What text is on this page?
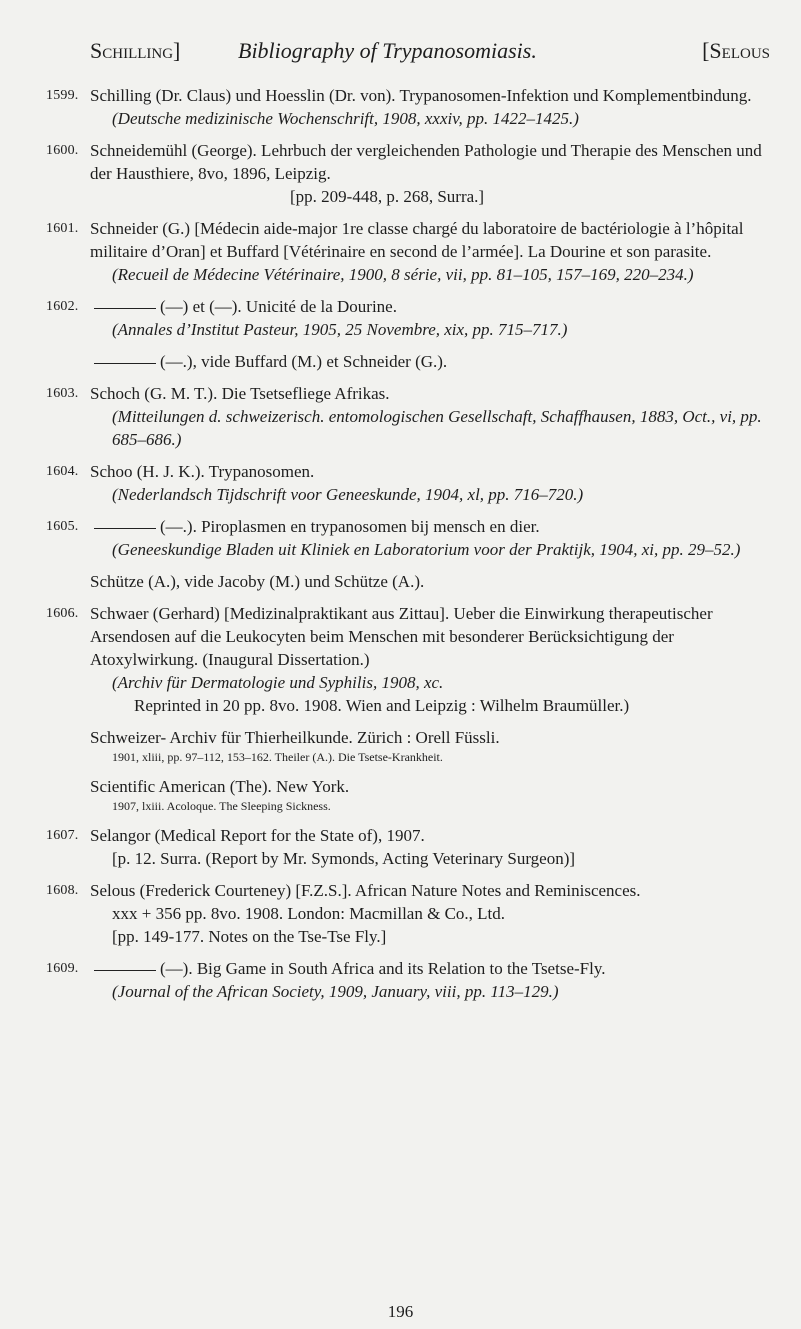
Schilling]	Bibliography of Trypanosomiasis.	[Selous
1599. Schilling (Dr. Claus) und Hoesslin (Dr. von). Trypanosomen-Infektion und Komplementbindung.

(Deutsche medizinische Wochenschrift, 1908, xxxiv, pp. 1422–1425.)

1600. Schneidemühl (George). Lehrbuch der vergleichenden Pathologie und Therapie des Menschen und der Hausthiere, 8vo, 1896, Leipzig.

[pp. 209-448, p. 268, Surra.]

1601. Schneider (G.) [Médecin aide-major 1re classe chargé du laboratoire de bactériologie à l’hôpital militaire d’Oran] et Buffard [Vétérinaire en second de l’armée]. La Dourine et son parasite.

(Recueil de Médecine Vétérinaire, 1900, 8 série, vii, pp. 81–105, 157–169, 220–234.)

1602.	(—) et (—). Unicité de la Dourine.

(Annales d’Institut Pasteur, 1905, 25 Novembre, xix, pp. 715–717.)

(—.), vide Buffard (M.) et Schneider (G.).

1603. Schoch (G. M. T.). Die Tsetsefliege Afrikas.

(Mitteilungen d. schweizerisch. entomologischen Gesellschaft, Schaffhausen, 1883, Oct., vi, pp. 685–686.)

1604. Schoo (H. J. K.). Trypanosomen.

(Nederlandsch Tijdschrift voor Geneeskunde, 1904, xl, pp. 716–720.)

1605.	(—.). Piroplasmen en trypanosomen bij mensch en dier.

(Geneeskundige Bladen uit Kliniek en Laboratorium voor der Praktijk, 1904, xi, pp. 29–52.)

Schütze (A.), vide Jacoby (M.) und Schütze (A.).

1606. Schwaer (Gerhard) [Medizinalpraktikant aus Zittau]. Ueber die Einwirkung therapeutischer Arsendosen auf die Leukocyten beim Menschen mit besonderer Berücksichtigung der Atoxylwirkung. (Inaugural Dissertation.)

(Archiv für Dermatologie und Syphilis, 1908, xc.

Reprinted in 20 pp. 8vo. 1908. Wien and Leipzig : Wilhelm Braumüller.)

Schweizer- Archiv für Thierheilkunde. Zürich : Orell Füssli.

1901, xliii, pp. 97–112, 153–162. Theiler (A.). Die Tsetse-Krankheit.

Scientific American (The). New York.

1907, lxiii. Acoloque. The Sleeping Sickness.

1607. Selangor (Medical Report for the State of), 1907.

[p. 12. Surra. (Report by Mr. Symonds, Acting Veterinary Surgeon)]

1608. Selous (Frederick Courteney) [F.Z.S.]. African Nature Notes and Reminiscences.

xxx + 356 pp. 8vo. 1908. London: Macmillan & Co., Ltd.

[pp. 149-177. Notes on the Tse-Tse Fly.]

1609.	(—). Big Game in South Africa and its Relation to the Tsetse-Fly.

(Journal of the African Society, 1909, January, viii, pp. 113–129.)

196
